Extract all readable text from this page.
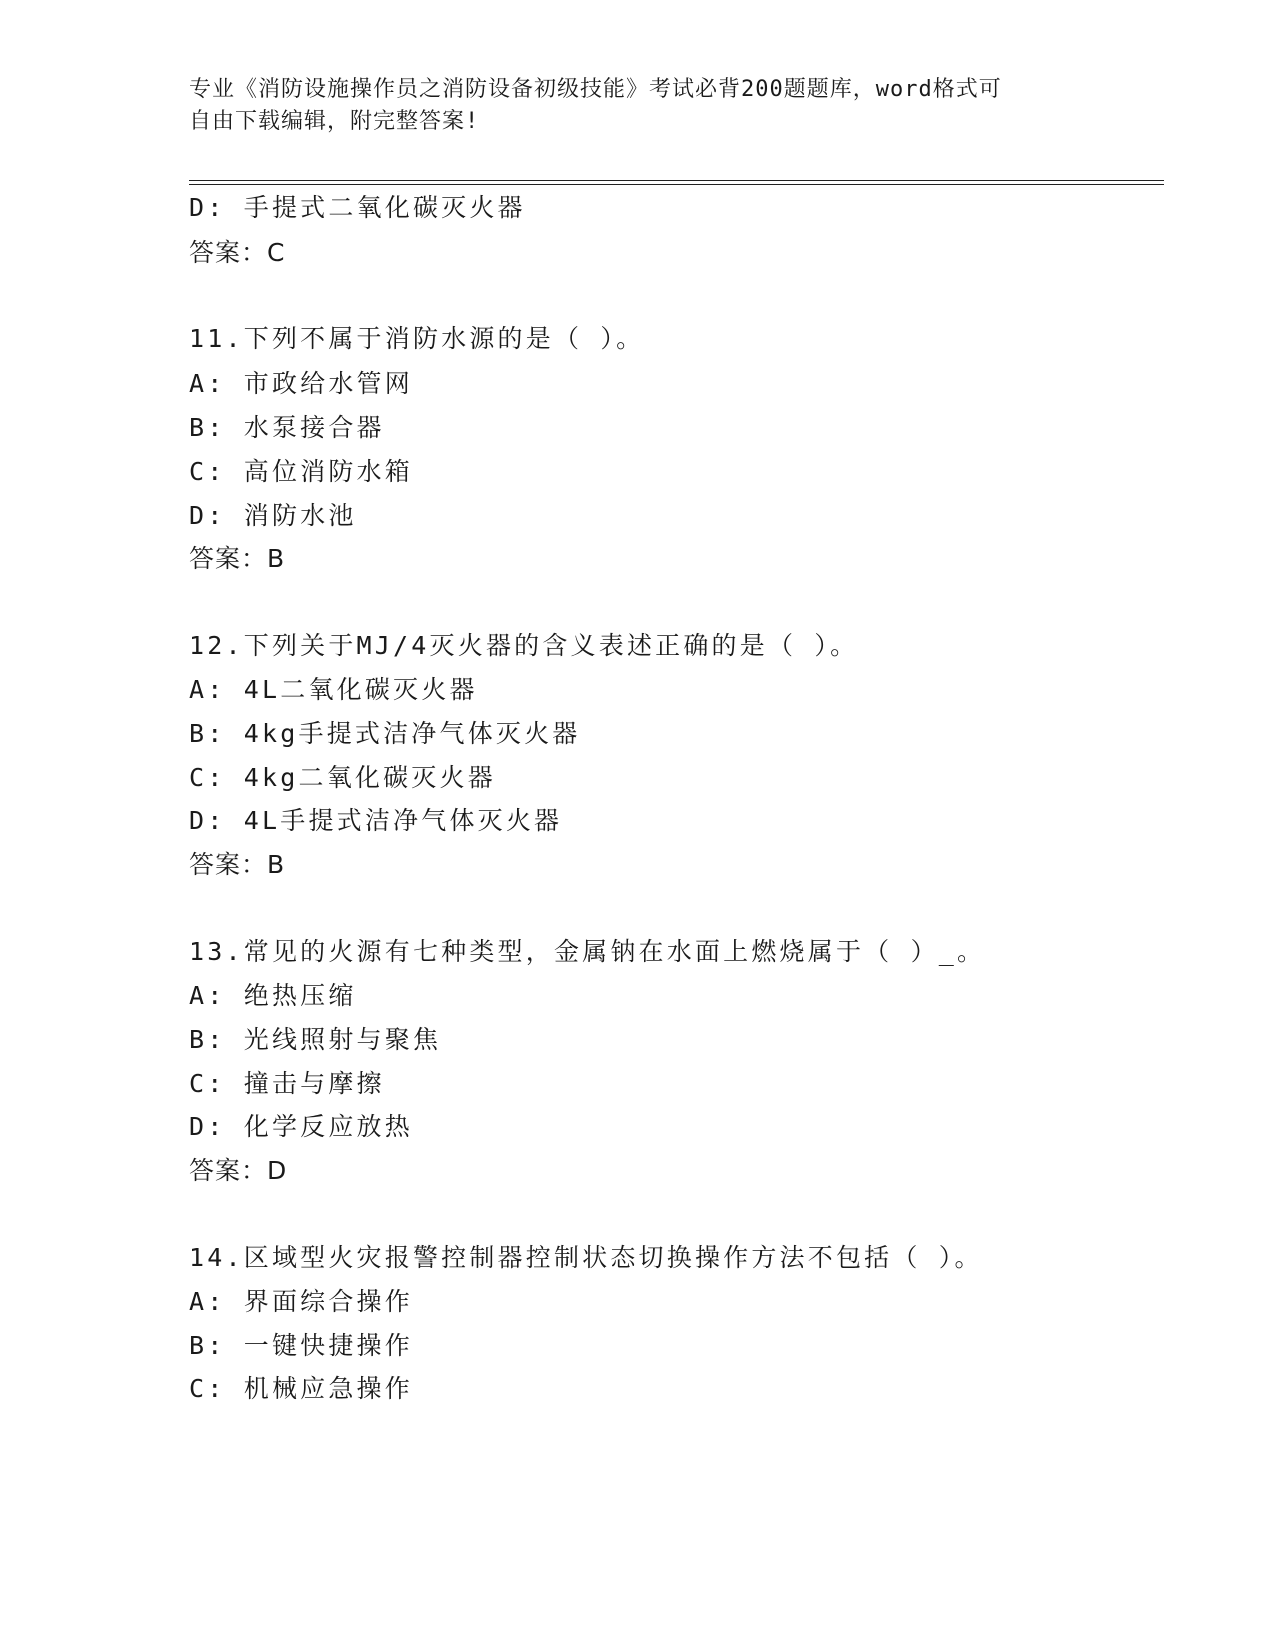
专业《消防设施操作员之消防设备初级技能》考试必背200题题库，word格式可
自由下载编辑，附完整答案!
D: 手提式二氧化碳灭火器
答案：C
11.下列不属于消防水源的是（ ）。
A: 市政给水管网
B: 水泵接合器
C: 高位消防水箱
D: 消防水池
答案：B
12.下列关于MJ/4灭火器的含义表述正确的是（ ）。
A: 4L二氧化碳灭火器
B: 4kg手提式洁净气体灭火器
C: 4kg二氧化碳灭火器
D: 4L手提式洁净气体灭火器
答案：B
13.常见的火源有七种类型，金属钠在水面上燃烧属于（ ）_。
A: 绝热压缩
B: 光线照射与聚焦
C: 撞击与摩擦
D: 化学反应放热
答案：D
14.区域型火灾报警控制器控制状态切换操作方法不包括（ ）。
A: 界面综合操作
B: 一键快捷操作
C: 机械应急操作
